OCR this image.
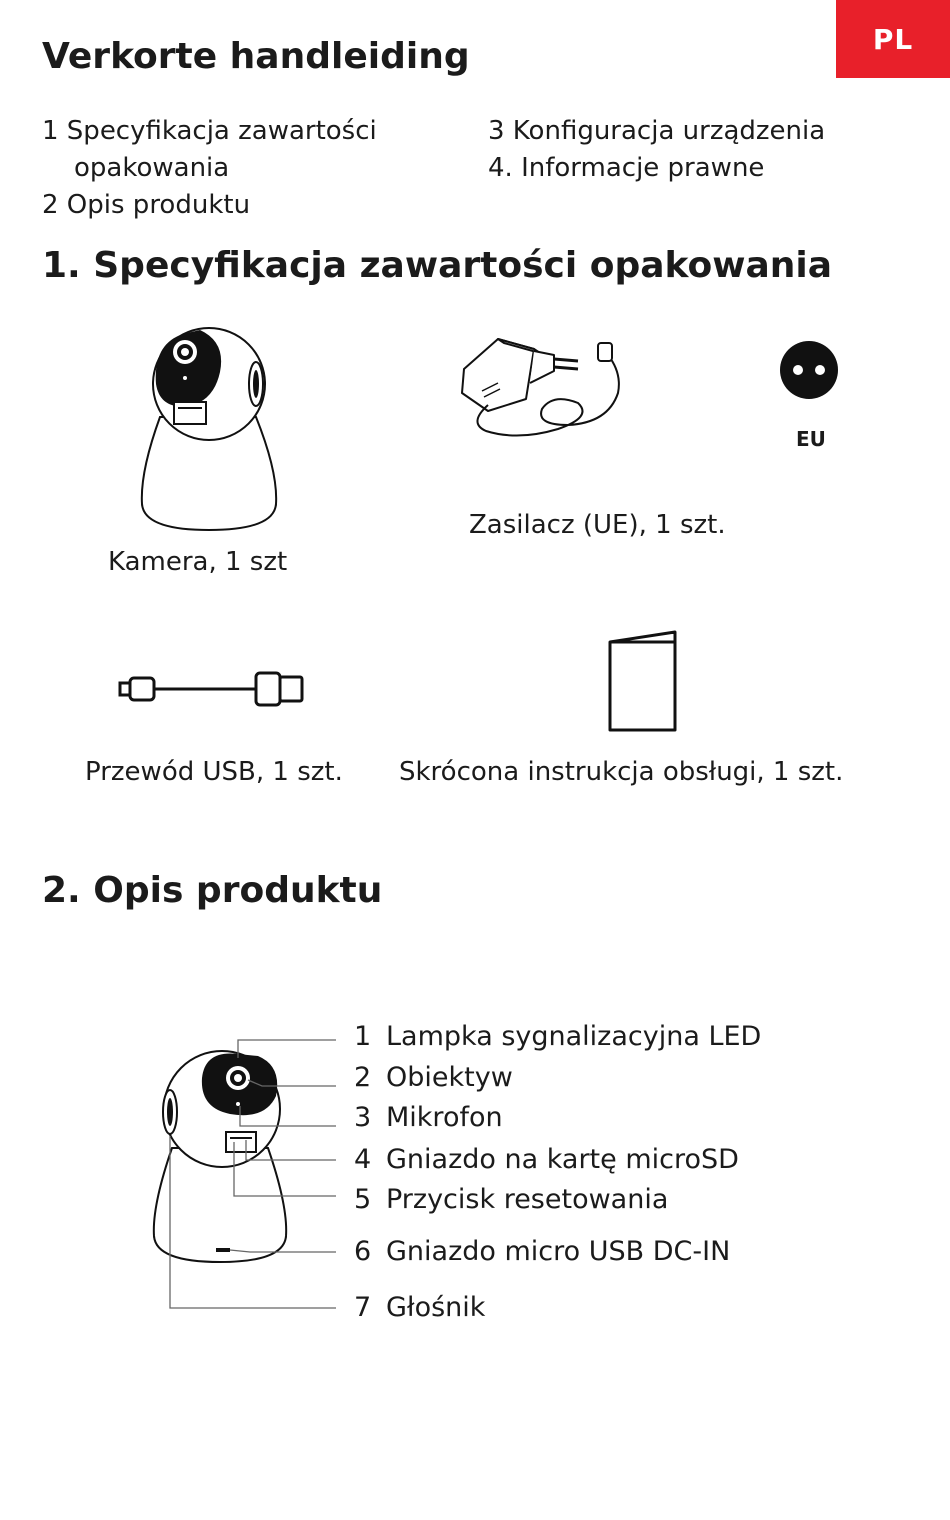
PL
Verkorte handleiding
1 Specyfikacja zawartości
opakowania
2 Opis produktu
3 Konfiguracja urządzenia
4. Informacje prawne
1. Specyfikacja zawartości opakowania
Kamera, 1 szt
EU
Zasilacz (UE), 1 szt.
Przewód USB, 1 szt. Skrócona instrukcja obsługi, 1 szt.
2. Opis produktu
1 Lampka sygnalizacyjna LED
2 Obiektyw
3 Mikrofon
4 Gniazdo na kartę microSD
5 Przycisk resetowania
6 Gniazdo micro USB DC-IN
7 Głośnik
